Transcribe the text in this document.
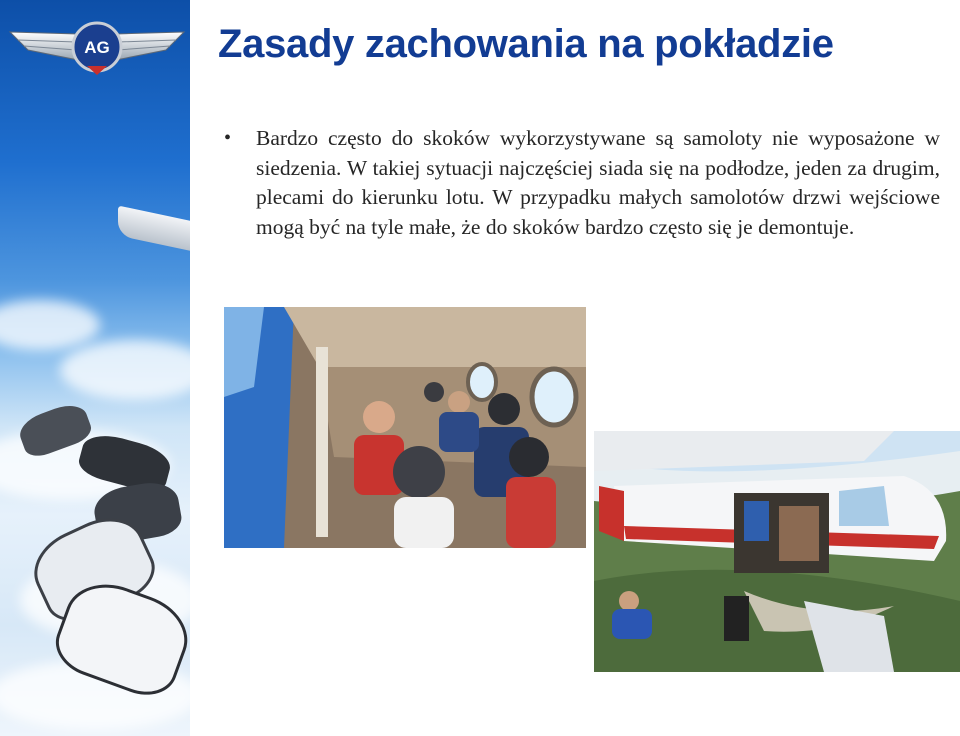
AG	Zasady zachowania na pokładzie
• Bardzo często do skoków wykorzystywane są samoloty nie wyposażone w siedzenia. W takiej sytuacji najczęściej siada się na podłodze, jeden za drugim, plecami do kierunku lotu. W przypadku małych samolotów drzwi wejściowe mogą być na tyle małe, że do skoków bardzo często się je demontuje.
